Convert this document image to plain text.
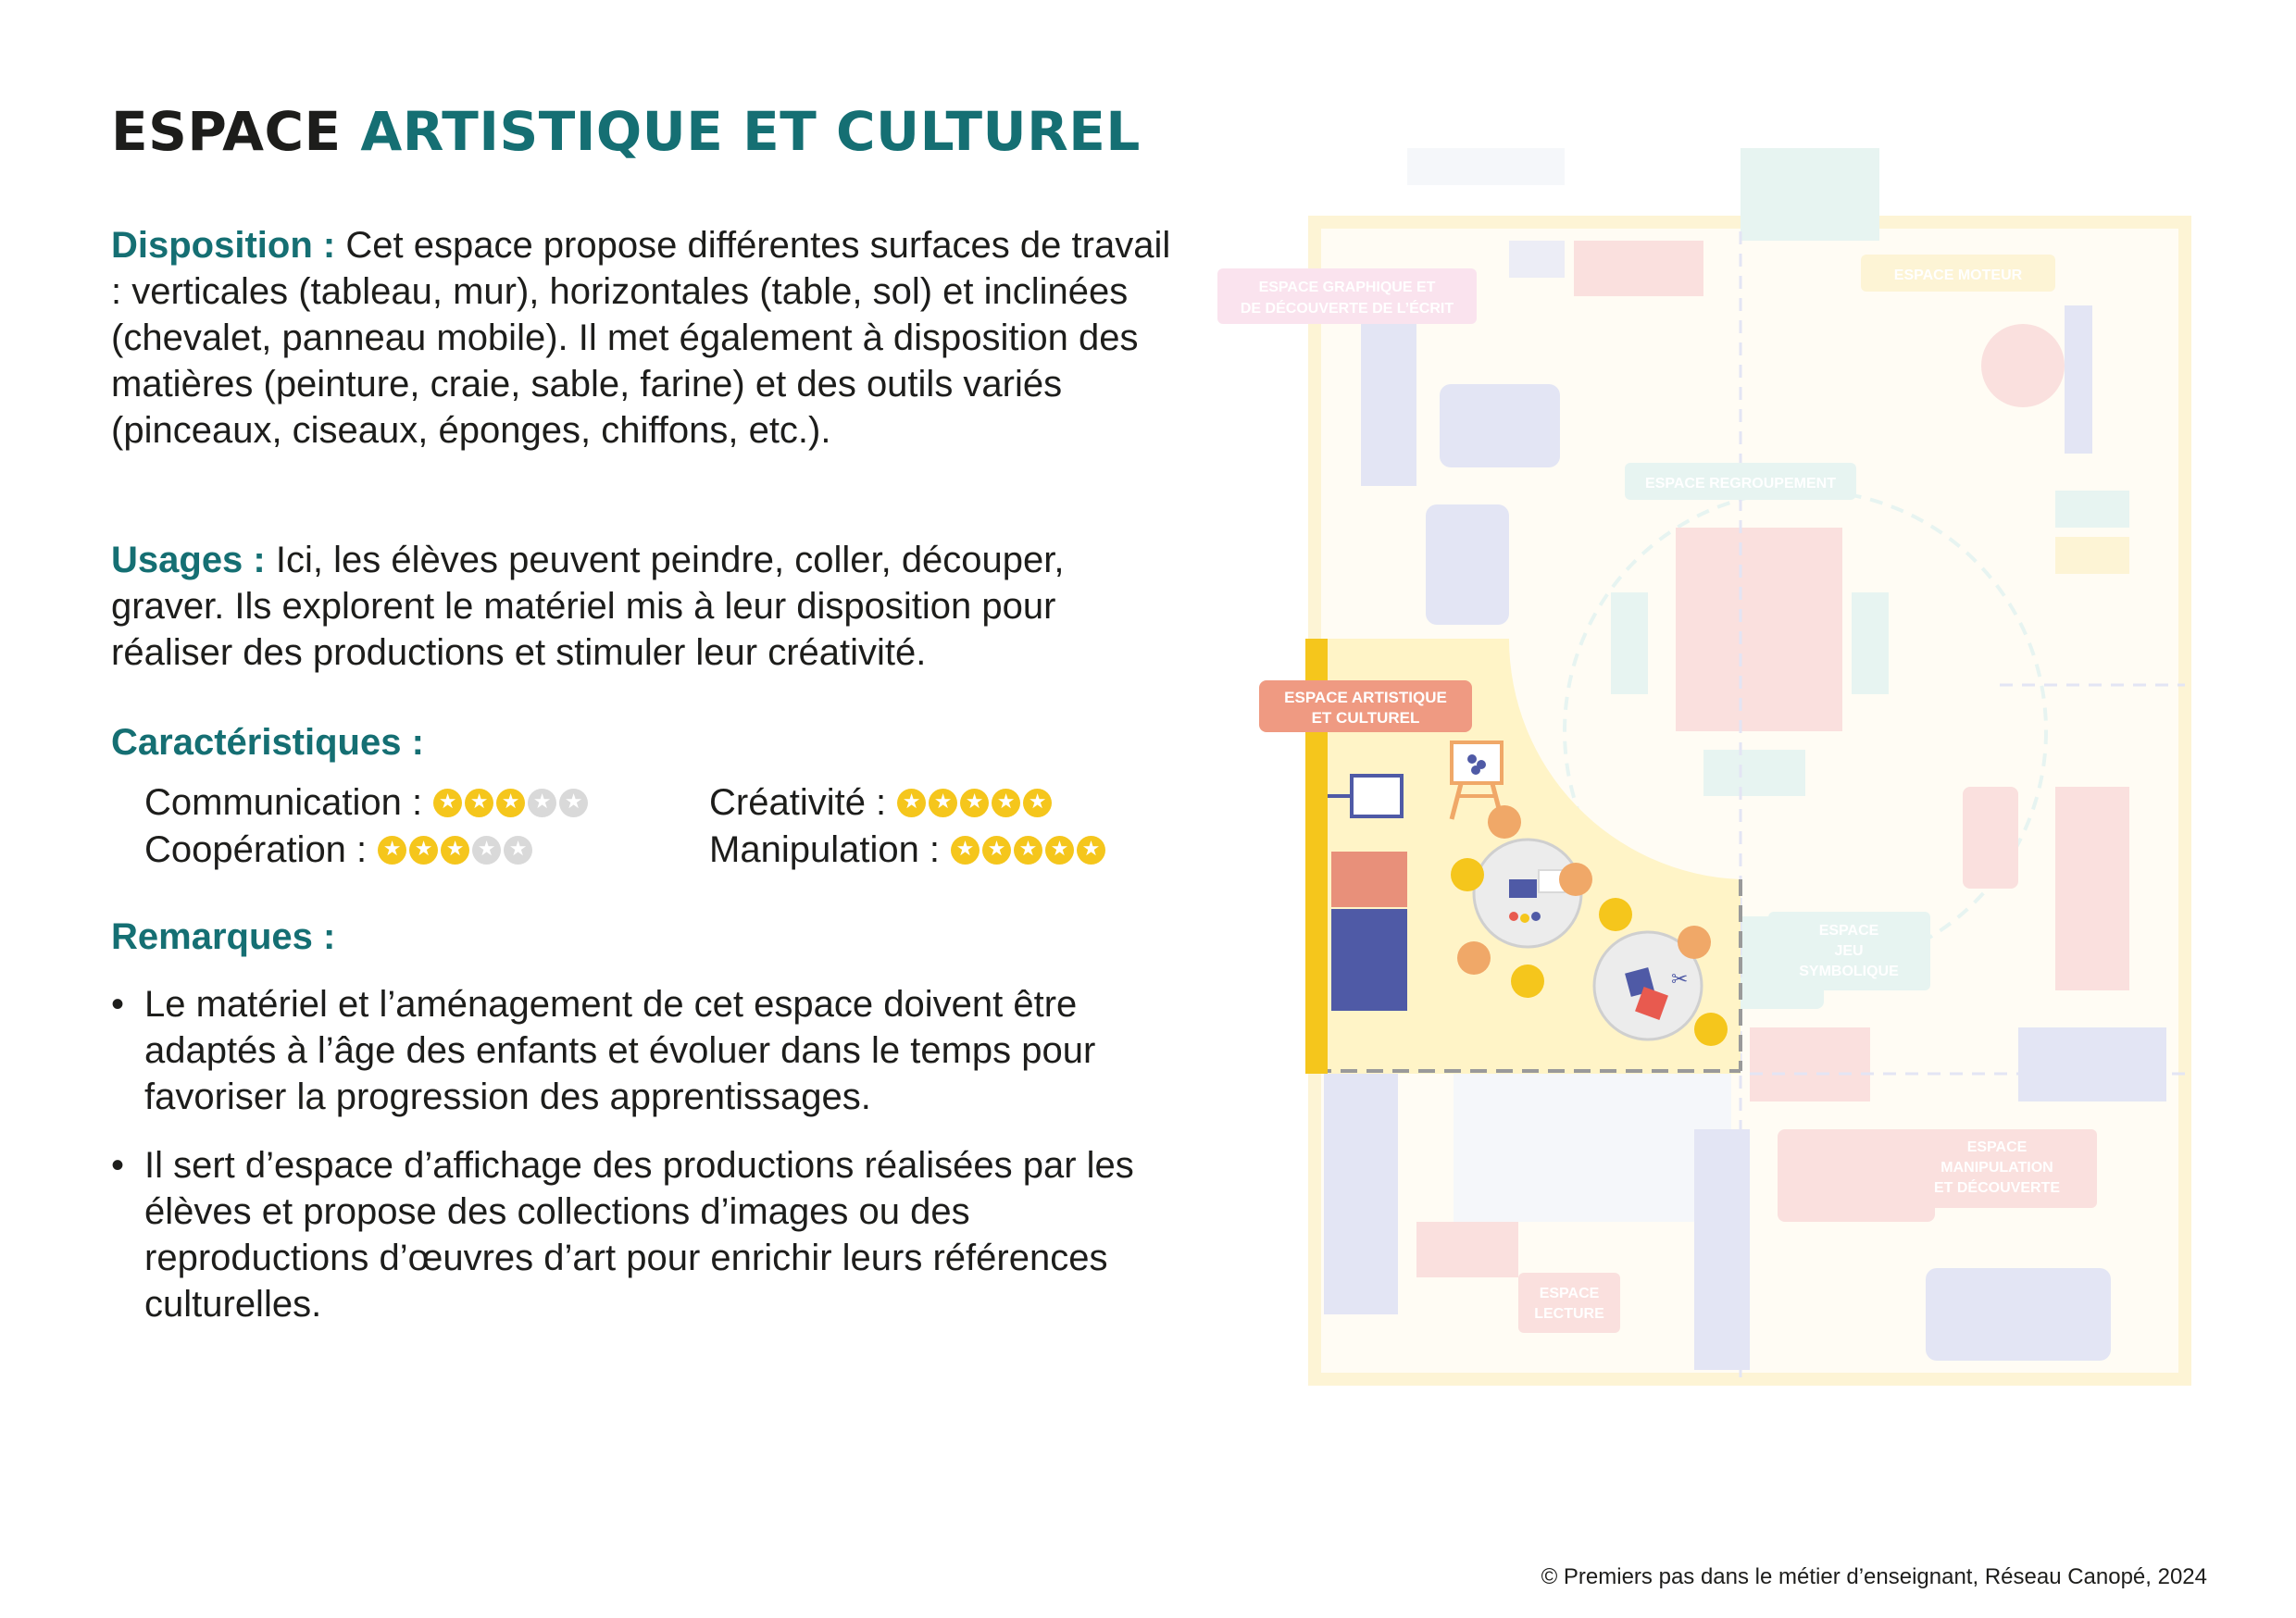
ESPACE ARTISTIQUE ET CULTUREL

Disposition : Cet espace propose différentes surfaces de travail : verticales (tableau, mur), horizontales (table, sol) et inclinées (chevalet, panneau mobile). Il met également à disposition des matières (peinture, craie, sable, farine) et des outils variés (pinceaux, ciseaux, éponges, chiffons, etc.).

Usages : Ici, les élèves peuvent peindre, coller, découper, graver. Ils explorent le matériel mis à leur disposition pour réaliser des productions et stimuler leur créativité.

Caractéristiques :
Communication : ★ ★ ★ ★ ★	Créativité : ★ ★ ★ ★ ★
Coopération : ★ ★ ★ ★ ★	Manipulation : ★ ★ ★ ★ ★
Remarques :
• Le matériel et l’aménagement de cet espace doivent être adaptés à l’âge des enfants et évoluer dans le temps pour favoriser la progression des apprentissages.
• Il sert d’espace d’affichage des productions réalisées par les élèves et propose des collections d’images ou des reproductions d’œuvres d’art pour enrichir leurs références culturelles.
ESPACE GRAPHIQUE ET
DE DÉCOUVERTE DE L’ÉCRIT
ESPACE MOTEUR
ESPACE REGROUPEMENT
ESPACE
JEU
SYMBOLIQUE
ESPACE
MANIPULATION
ET DÉCOUVERTE
ESPACE
LECTURE
✂
ESPACE ARTISTIQUE
ET CULTUREL
© Premiers pas dans le métier d’enseignant, Réseau Canopé, 2024
